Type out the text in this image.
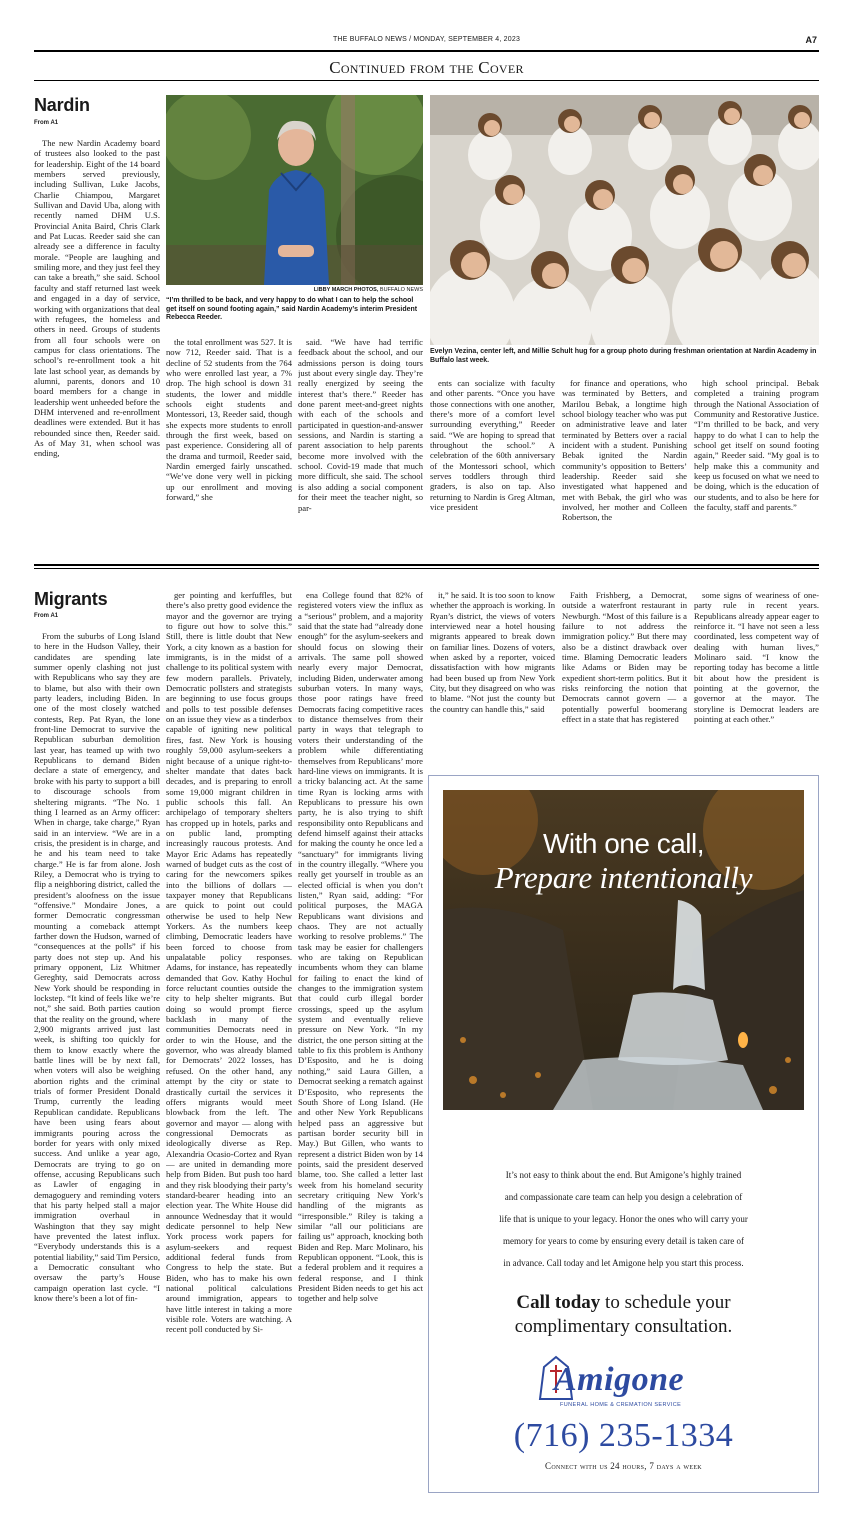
THE BUFFALO NEWS / MONDAY, SEPTEMBER 4, 2023	A7
Continued from the Cover
Nardin
From A1
LIBBY MARCH PHOTOS, BUFFALO NEWS
“I’m thrilled to be back, and very happy to do what I can to help the school get itself on sound footing again,” said Nardin Academy’s interim President Rebecca Reeder.
Evelyn Vezina, center left, and Millie Schult hug for a group photo during freshman orientation at Nardin Academy in Buffalo last week.

The new Nardin Academy board of trustees also looked to the past for leadership. Eight of the 14 board members served previously, including Sullivan, Luke Jacobs, Charlie Chiampou, Margaret Sullivan and David Uba, along with recently named DHM U.S. Provincial Anita Baird, Chris Clark and Pat Lucas. Reeder said she can already see a difference in faculty morale. “People are laughing and smiling more, and they just feel they can take a breath,” she said. School faculty and staff returned last week and engaged in a day of service, working with organizations that deal with refugees, the homeless and others in need. Groups of students from all four schools were on campus for class orientations. The school’s re-enrollment took a hit late last school year, as demands by alumni, parents, donors and 10 board members for a change in leadership went unheeded before the DHM intervened and re-enrollment deadlines were extended. But it has rebounded since then, Reeder said. As of May 31, when school was ending,

the total enrollment was 527. It is now 712, Reeder said. That is a decline of 52 students from the 764 who were enrolled last year, a 7% drop. The high school is down 31 students, the lower and middle schools eight students and Montessori, 13, Reeder said, though she expects more students to enroll through the first week, based on past experience. Considering all of the drama and turmoil, Reeder said, Nardin emerged fairly unscathed. “We’ve done very well in picking up our enrollment and moving forward,” she

said. “We have had terrific feedback about the school, and our admissions person is doing tours just about every single day. They’re really energized by seeing the interest that’s there.” Reeder has done parent meet-and-greet nights with each of the schools and participated in question-and-answer sessions, and Nardin is starting a parent association to help parents become more involved with the school. Covid-19 made that much more difficult, she said. The school is also adding a social component for their meet the teacher night, so par-

ents can socialize with faculty and other parents. “Once you have those connections with one another, there’s more of a comfort level surrounding everything,” Reeder said. “We are hoping to spread that throughout the school.” A celebration of the 60th anniversary of the Montessori school, which serves toddlers through third graders, is also on tap. Also returning to Nardin is Greg Altman, vice president

for finance and operations, who was terminated by Betters, and Marilou Bebak, a longtime high school biology teacher who was put on administrative leave and later terminated by Betters over a racial incident with a student. Punishing Bebak ignited the Nardin community’s opposition to Betters’ leadership. Reeder said she investigated what happened and met with Bebak, the girl who was involved, her mother and Colleen Robertson, the

high school principal. Bebak completed a training program through the National Association of Community and Restorative Justice. “I’m thrilled to be back, and very happy to do what I can to help the school get itself on sound footing again,” Reeder said. “My goal is to help make this a community and keep us focused on what we need to be doing, which is the education of our students, and to also be here for the faculty, staff and parents.”

Migrants
From A1

From the suburbs of Long Island to here in the Hudson Valley, their candidates are spending late summer openly clashing not just with Republicans who say they are to blame, but also with their own party leaders, including Biden. In one of the most closely watched contests, Rep. Pat Ryan, the lone front-line Democrat to survive the Republican suburban demolition last year, has teamed up with two Republicans to demand Biden declare a state of emergency, and broke with his party to support a bill to discourage schools from sheltering migrants. “The No. 1 thing I learned as an Army officer: When in charge, take charge,” Ryan said in an interview. “We are in a crisis, the president is in charge, and he and his team need to take charge.” He is far from alone. Josh Riley, a Democrat who is trying to flip a neighboring district, called the president’s aloofness on the issue “offensive.” Mondaire Jones, a former Democratic congressman mounting a comeback attempt farther down the Hudson, warned of “consequences at the polls” if his party does not step up. And his primary opponent, Liz Whitmer Gereghty, said Democrats across New York should be responding in lockstep. “It kind of feels like we’re not,” she said. Both parties caution that the reality on the ground, where 2,900 migrants arrived just last week, is shifting too quickly for them to know exactly where the battle lines will be by next fall, when voters will also be weighing abortion rights and the criminal trials of former President Donald Trump, currently the leading Republican candidate. Republicans have been using fears about immigrants pouring across the border for years with only mixed success. And unlike a year ago, Democrats are trying to go on offense, accusing Republicans such as Lawler of engaging in demagoguery and reminding voters that his party helped stall a major immigration overhaul in Washington that they say might have prevented the latest influx. “Everybody understands this is a potential liability,” said Tim Persico, a Democratic consultant who oversaw the party’s House campaign operation last cycle. “I know there’s been a lot of fin-

ger pointing and kerfuffles, but there’s also pretty good evidence the mayor and the governor are trying to figure out how to solve this.” Still, there is little doubt that New York, a city known as a bastion for immigrants, is in the midst of a challenge to its political system with few modern parallels. Privately, Democratic pollsters and strategists are beginning to use focus groups and polls to test possible defenses on an issue they view as a tinderbox capable of igniting new political fires, fast. New York is housing roughly 59,000 asylum-seekers a night because of a unique right-to-shelter mandate that dates back decades, and is preparing to enroll some 19,000 migrant children in public schools this fall. An archipelago of temporary shelters has cropped up in hotels, parks and on public land, prompting increasingly raucous protests. And Mayor Eric Adams has repeatedly warned of budget cuts as the cost of caring for the newcomers spikes into the billions of dollars — taxpayer money that Republicans are quick to point out could otherwise be used to help New Yorkers. As the numbers keep climbing, Democratic leaders have been forced to choose from unpalatable policy responses. Adams, for instance, has repeatedly demanded that Gov. Kathy Hochul force reluctant counties outside the city to help shelter migrants. But doing so would prompt fierce backlash in many of the communities Democrats need in order to win the House, and the governor, who was already blamed for Democrats’ 2022 losses, has refused. On the other hand, any attempt by the city or state to drastically curtail the services it offers migrants would meet blowback from the left. The governor and mayor — along with congressional Democrats as ideologically diverse as Rep. Alexandria Ocasio-Cortez and Ryan — are united in demanding more help from Biden. But push too hard and they risk bloodying their party’s standard-bearer heading into an election year. The White House did announce Wednesday that it would dedicate personnel to help New York process work papers for asylum-seekers and request additional federal funds from Congress to help the state. But Biden, who has to make his own national political calculations around immigration, appears to have little interest in taking a more visible role. Voters are watching. A recent poll conducted by Si-

ena College found that 82% of registered voters view the influx as a “serious” problem, and a majority said that the state had “already done enough” for the asylum-seekers and should focus on slowing their arrivals. The same poll showed nearly every major Democrat, including Biden, underwater among suburban voters. In many ways, those poor ratings have freed Democrats facing competitive races to distance themselves from their party in ways that telegraph to voters their understanding of the problem while differentiating themselves from Republicans’ more hard-line views on immigrants. It is a tricky balancing act. At the same time Ryan is locking arms with Republicans to pressure his own party, he is also trying to shift responsibility onto Republicans and defend himself against their attacks for making the county he once led a “sanctuary” for immigrants living in the country illegally. “Where you really get yourself in trouble as an elected official is when you don’t listen,” Ryan said, adding: “For political purposes, the MAGA Republicans want divisions and chaos. They are not actually working to resolve problems.” The task may be easier for challengers who are taking on Republican incumbents whom they can blame for failing to enact the kind of changes to the immigration system that could curb illegal border crossings, speed up the asylum system and eventually relieve pressure on New York. “In my district, the one person sitting at the table to fix this problem is Anthony D’Esposito, and he is doing nothing,” said Laura Gillen, a Democrat seeking a rematch against D’Esposito, who represents the South Shore of Long Island. (He and other New York Republicans helped pass an aggressive but partisan border security bill in May.) But Gillen, who wants to represent a district Biden won by 14 points, said the president deserved blame, too. She called a letter last week from his homeland security secretary critiquing New York’s handling of the migrants as “irresponsible.” Riley is taking a similar “all our politicians are failing us” approach, knocking both Biden and Rep. Marc Molinaro, his Republican opponent. “Look, this is a federal problem and it requires a federal response, and I think President Biden needs to get his act together and help solve

it,” he said. It is too soon to know whether the approach is working. In Ryan’s district, the views of voters interviewed near a hotel housing migrants appeared to break down on familiar lines. Dozens of voters, when asked by a reporter, voiced dissatisfaction with how migrants had been bused up from New York City, but they disagreed on who was to blame. “Not just the county but the country can handle this,” said

Faith Frishberg, a Democrat, outside a waterfront restaurant in Newburgh. “Most of this failure is a failure to not address the immigration policy.” But there may also be a distinct drawback over time. Blaming Democratic leaders like Adams or Biden may be expedient short-term politics. But it risks reinforcing the notion that Democrats cannot govern — a potentially powerful boomerang effect in a state that has registered

some signs of weariness of one-party rule in recent years. Republicans already appear eager to reinforce it. “I have not seen a less coordinated, less competent way of dealing with human lives,” Molinaro said. “I know the reporting today has become a little bit about how the president is pointing at the governor, the governor at the mayor. The storyline is Democrat leaders are pointing at each other.”

With one call,
Prepare intentionally
It’s not easy to think about the end. But Amigone’s highly trained
and compassionate care team can help you design a celebration of
life that is unique to your legacy. Honor the ones who will carry your
memory for years to come by ensuring every detail is taken care of
in advance. Call today and let Amigone help you start this process.
Call today to schedule your
complimentary consultation.
Amigone
FUNERAL HOME & CREMATION SERVICE
(716) 235-1334
Connect with us 24 hours, 7 days a week
